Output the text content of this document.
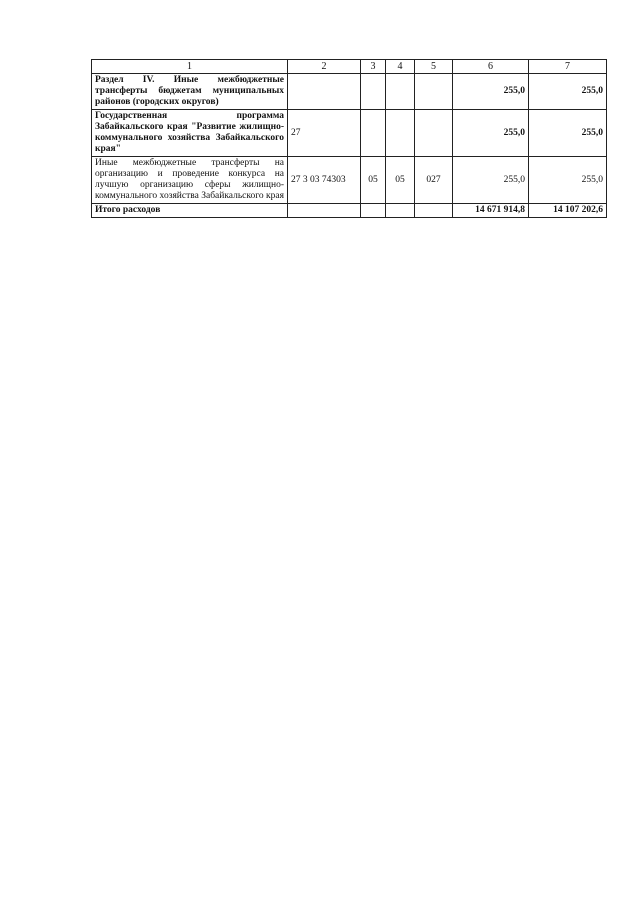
1	2	3	4	5	6	7
Раздел IV. Иные межбюджетные трансферты бюджетам муниципальных районов (городских округов)					255,0	255,0
Государственная программа Забайкальского края "Развитие жилищно-коммунального хозяйства Забайкальского края"	27				255,0	255,0
Иные межбюджетные трансферты на организацию и проведение конкурса на лучшую организацию сферы жилищно-коммунального хозяйства Забайкальского края	27 3 03 74303	05	05	027	255,0	255,0
Итого расходов					14 671 914,8	14 107 202,6
